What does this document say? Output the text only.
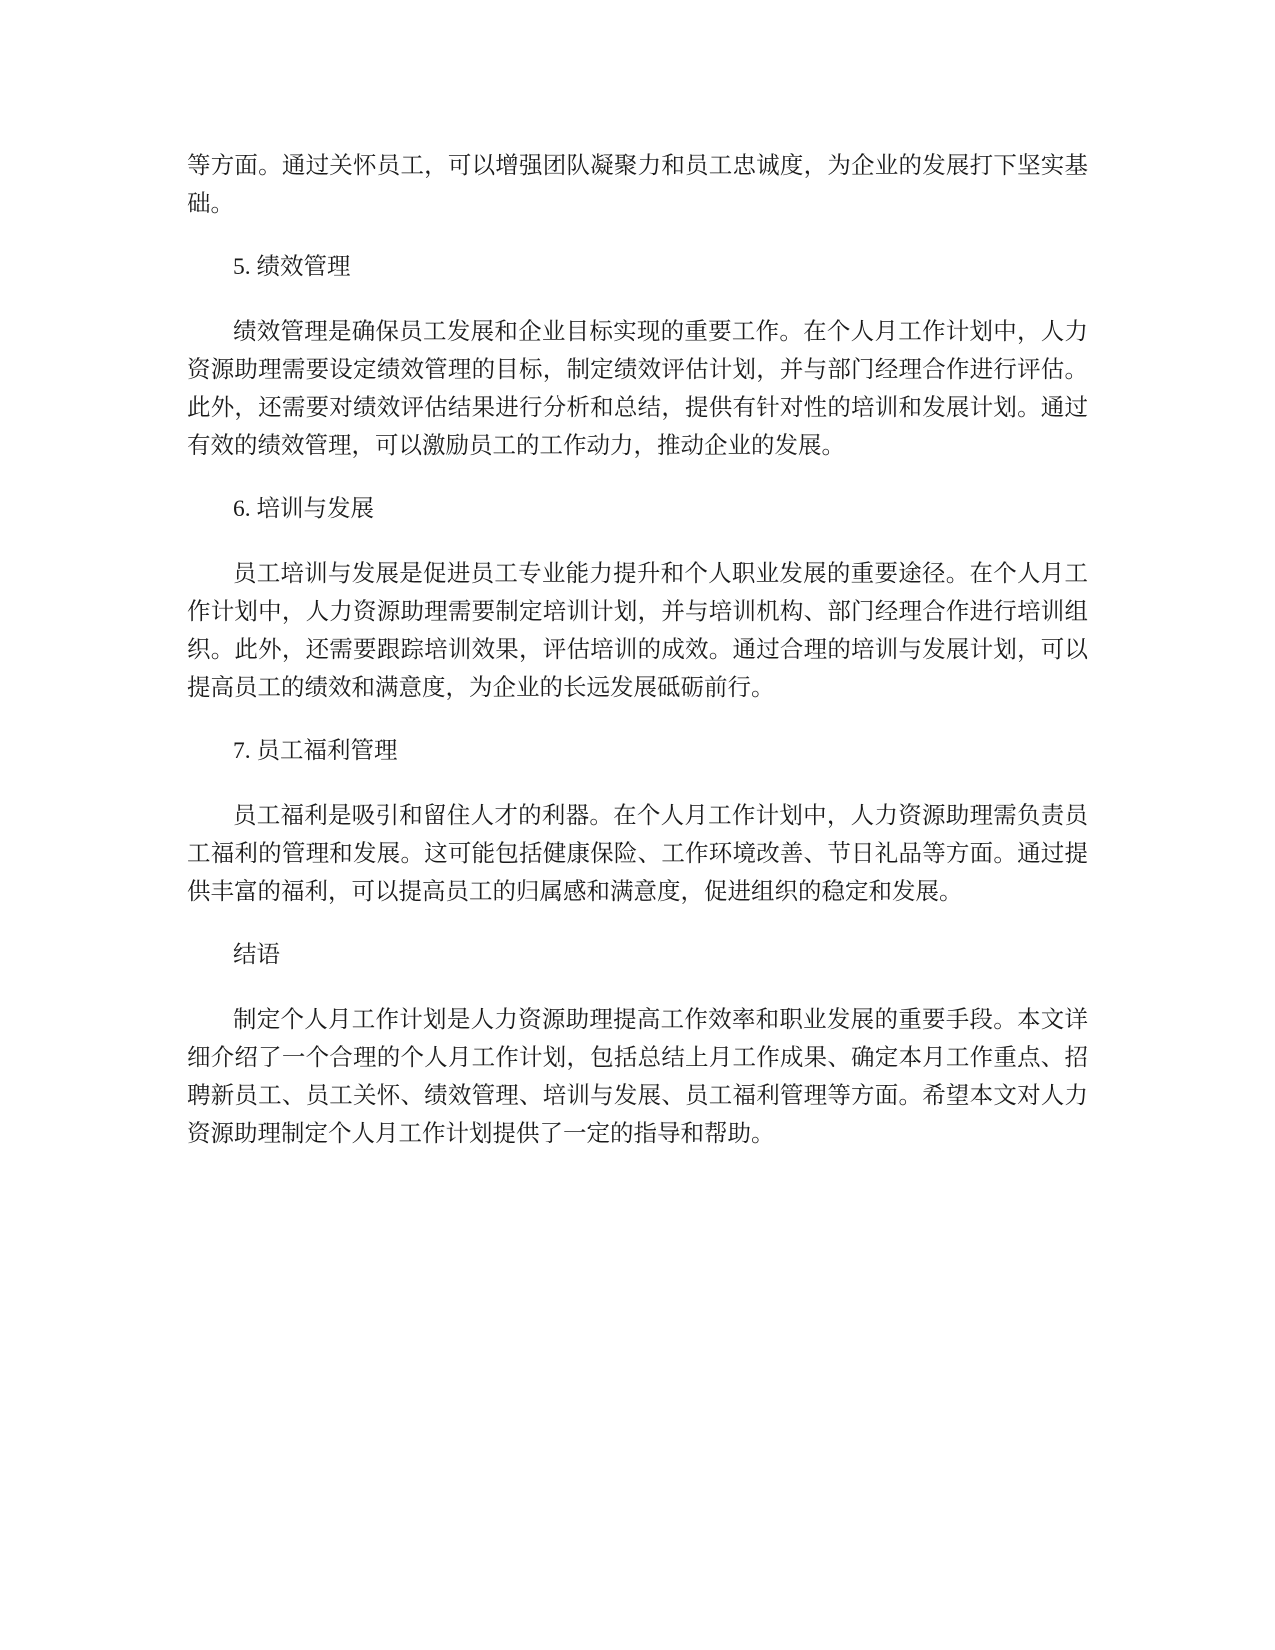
等方面。通过关怀员工，可以增强团队凝聚力和员工忠诚度，为企业的发展打下坚实基础。

5. 绩效管理

绩效管理是确保员工发展和企业目标实现的重要工作。在个人月工作计划中，人力资源助理需要设定绩效管理的目标，制定绩效评估计划，并与部门经理合作进行评估。此外，还需要对绩效评估结果进行分析和总结，提供有针对性的培训和发展计划。通过有效的绩效管理，可以激励员工的工作动力，推动企业的发展。

6. 培训与发展

员工培训与发展是促进员工专业能力提升和个人职业发展的重要途径。在个人月工作计划中，人力资源助理需要制定培训计划，并与培训机构、部门经理合作进行培训组织。此外，还需要跟踪培训效果，评估培训的成效。通过合理的培训与发展计划，可以提高员工的绩效和满意度，为企业的长远发展砥砺前行。

7. 员工福利管理

员工福利是吸引和留住人才的利器。在个人月工作计划中，人力资源助理需负责员工福利的管理和发展。这可能包括健康保险、工作环境改善、节日礼品等方面。通过提供丰富的福利，可以提高员工的归属感和满意度，促进组织的稳定和发展。

结语

制定个人月工作计划是人力资源助理提高工作效率和职业发展的重要手段。本文详细介绍了一个合理的个人月工作计划，包括总结上月工作成果、确定本月工作重点、招聘新员工、员工关怀、绩效管理、培训与发展、员工福利管理等方面。希望本文对人力资源助理制定个人月工作计划提供了一定的指导和帮助。
